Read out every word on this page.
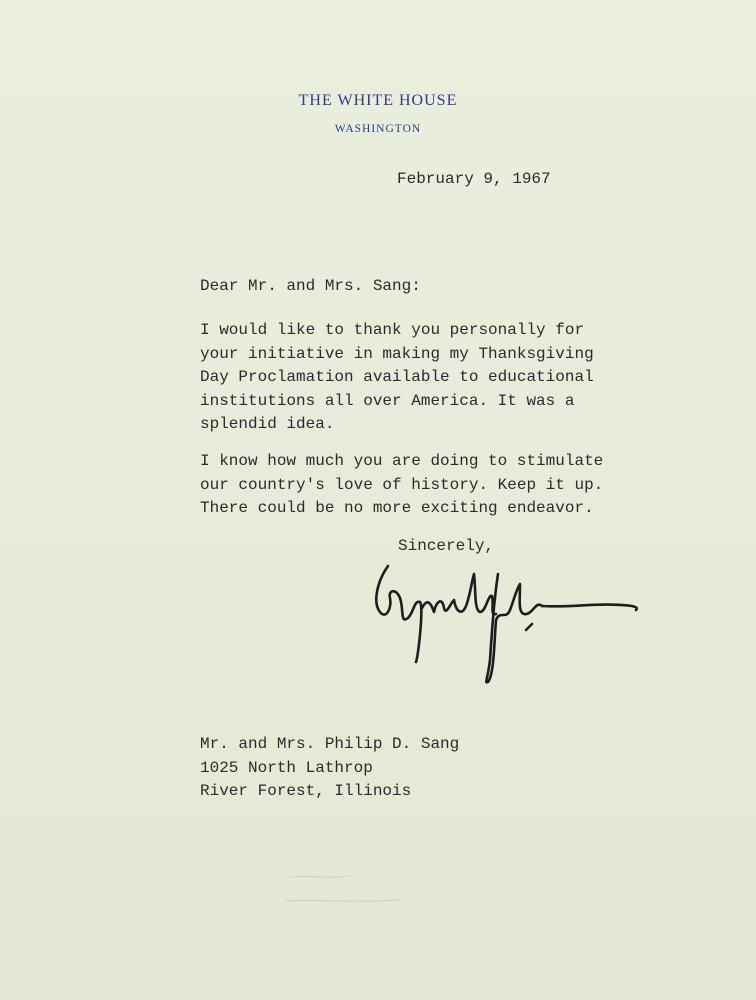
THE WHITE HOUSE
WASHINGTON
February 9, 1967
Dear Mr. and Mrs. Sang:
I would like to thank you personally for
your initiative in making my Thanksgiving
Day Proclamation available to educational
institutions all over America. It was a
splendid idea.
I know how much you are doing to stimulate
our country's love of history. Keep it up.
There could be no more exciting endeavor.
Sincerely,
Mr. and Mrs. Philip D. Sang
1025 North Lathrop
River Forest, Illinois
